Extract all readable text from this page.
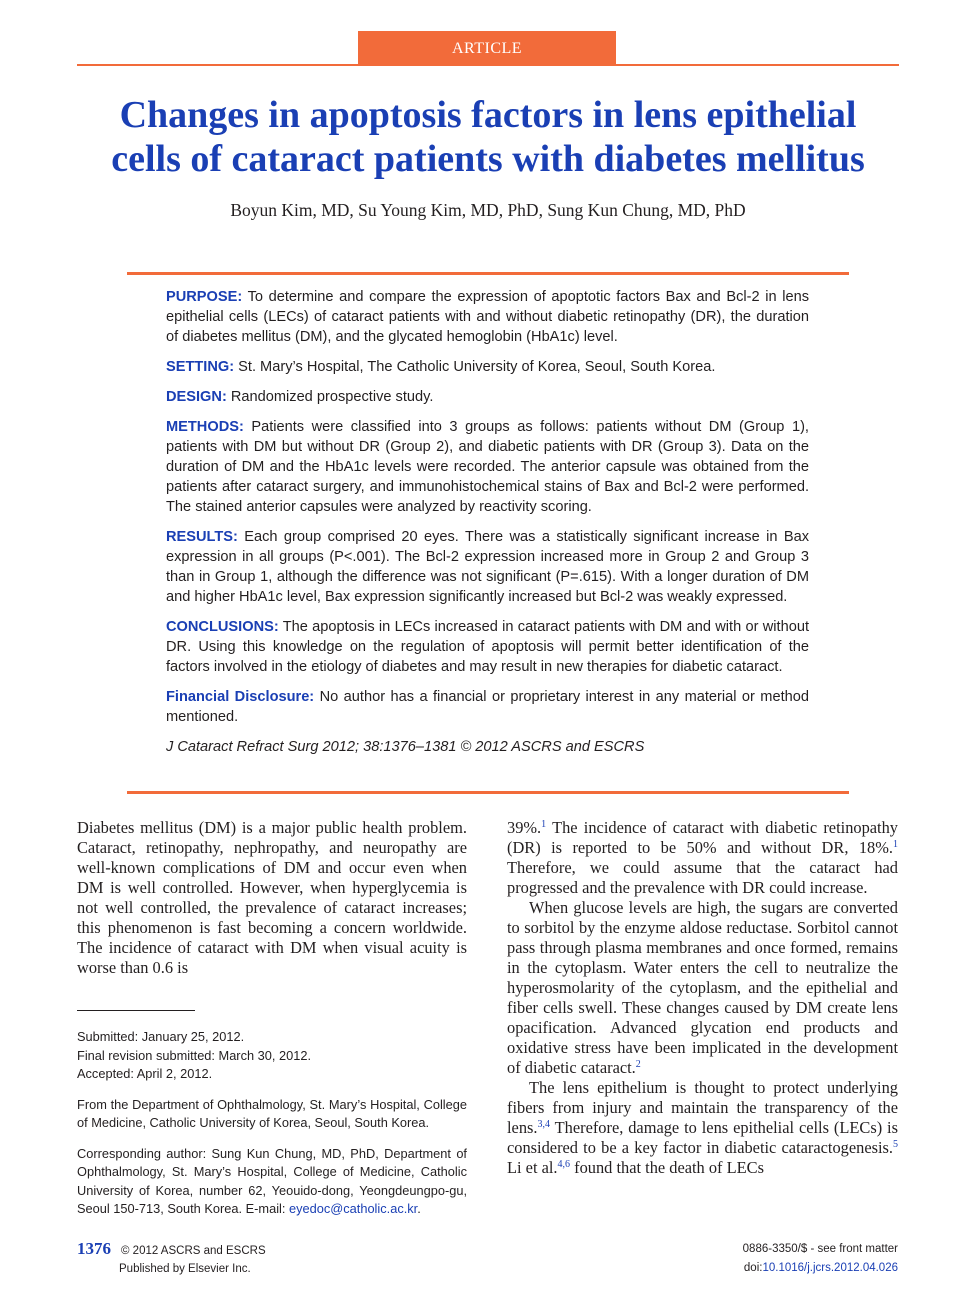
ARTICLE
Changes in apoptosis factors in lens epithelial
cells of cataract patients with diabetes mellitus
Boyun Kim, MD, Su Young Kim, MD, PhD, Sung Kun Chung, MD, PhD

PURPOSE: To determine and compare the expression of apoptotic factors Bax and Bcl-2 in lens epithelial cells (LECs) of cataract patients with and without diabetic retinopathy (DR), the duration of diabetes mellitus (DM), and the glycated hemoglobin (HbA1c) level.

SETTING: St. Mary’s Hospital, The Catholic University of Korea, Seoul, South Korea.

DESIGN: Randomized prospective study.

METHODS: Patients were classified into 3 groups as follows: patients without DM (Group 1), patients with DM but without DR (Group 2), and diabetic patients with DR (Group 3). Data on the duration of DM and the HbA1c levels were recorded. The anterior capsule was obtained from the patients after cataract surgery, and immunohistochemical stains of Bax and Bcl-2 were performed. The stained anterior capsules were analyzed by reactivity scoring.

RESULTS: Each group comprised 20 eyes. There was a statistically significant increase in Bax expression in all groups (P<.001). The Bcl-2 expression increased more in Group 2 and Group 3 than in Group 1, although the difference was not significant (P=.615). With a longer duration of DM and higher HbA1c level, Bax expression significantly increased but Bcl-2 was weakly expressed.

CONCLUSIONS: The apoptosis in LECs increased in cataract patients with DM and with or without DR. Using this knowledge on the regulation of apoptosis will permit better identification of the factors involved in the etiology of diabetes and may result in new therapies for diabetic cataract.

Financial Disclosure: No author has a financial or proprietary interest in any material or method mentioned.

J Cataract Refract Surg 2012; 38:1376–1381 © 2012 ASCRS and ESCRS

Diabetes mellitus (DM) is a major public health problem. Cataract, retinopathy, nephropathy, and neuropathy are well-known complications of DM and occur even when DM is well controlled. However, when hyperglycemia is not well controlled, the prevalence of cataract increases; this phenomenon is fast becoming a concern worldwide. The incidence of cataract with DM when visual acuity is worse than 0.6 is

Submitted: January 25, 2012.

Final revision submitted: March 30, 2012.

Accepted: April 2, 2012.

From the Department of Ophthalmology, St. Mary’s Hospital, College of Medicine, Catholic University of Korea, Seoul, South Korea.

Corresponding author: Sung Kun Chung, MD, PhD, Department of Ophthalmology, St. Mary’s Hospital, College of Medicine, Catholic University of Korea, number 62, Yeouido-dong, Yeongdeungpo-gu, Seoul 150-713, South Korea. E-mail: eyedoc@catholic.ac.kr.

39%.$^1$ The incidence of cataract with diabetic retinopathy (DR) is reported to be 50% and without DR, 18%.$^1$ Therefore, we could assume that the cataract had progressed and the prevalence with DR could increase.

When glucose levels are high, the sugars are converted to sorbitol by the enzyme aldose reductase. Sorbitol cannot pass through plasma membranes and once formed, remains in the cytoplasm. Water enters the cell to neutralize the hyperosmolarity of the cytoplasm, and the epithelial and fiber cells swell. These changes caused by DM create lens opacification. Advanced glycation end products and oxidative stress have been implicated in the development of diabetic cataract.$^2$

The lens epithelium is thought to protect underlying fibers from injury and maintain the transparency of the lens.$^{3,4}$ Therefore, damage to lens epithelial cells (LECs) is considered to be a key factor in diabetic cataractogenesis.$^5$ Li et al.$^{4,6}$ found that the death of LECs

1376 © 2012 ASCRS and ESCRS
Published by Elsevier Inc.
0886-3350/$ - see front matter
doi:10.1016/j.jcrs.2012.04.026
